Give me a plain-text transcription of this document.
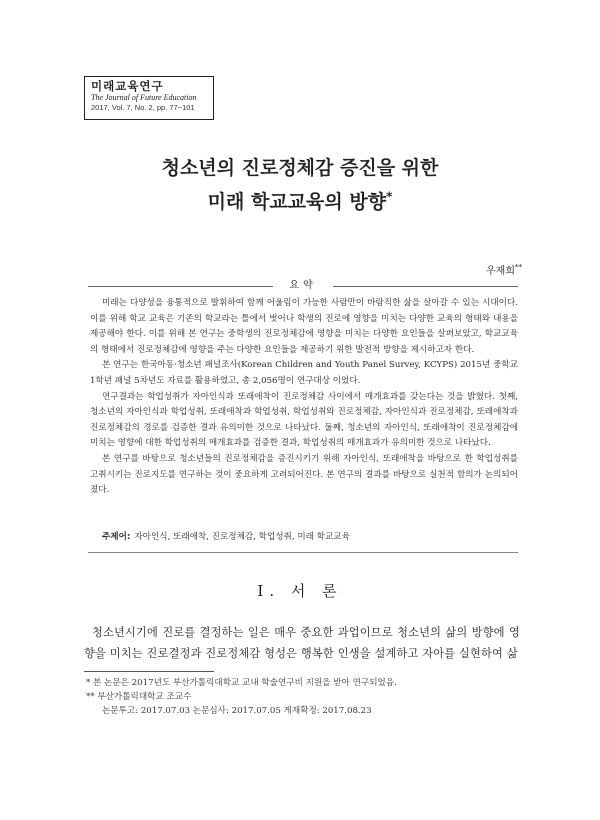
미래교육연구
The Journal of Future Education
2017, Vol. 7, No. 2, pp. 77~101
청소년의 진로정체감 증진을 위한
미래 학교교육의 방향*
우재희**
요약

미래는 다양성을 융통적으로 발휘하여 함께 어울림이 가능한 사람만이 바람직한 삶을 살아갈 수 있는 시대이다. 이를 위해 학교 교육은 기존의 학교라는 틀에서 벗어나 학생의 진로에 영향을 미치는 다양한 교육의 형태와 내용을 제공해야 한다. 이를 위해 본 연구는 중학생의 진로정체감에 영향을 미치는 다양한 요인들을 살펴보았고, 학교교육의 형태에서 진로정체감에 영향을 주는 다양한 요인들을 제공하기 위한 발전적 방향을 제시하고자 한다.

본 연구는 한국아동·청소년 패널조사(Korean Children and Youth Panel Survey, KCYPS) 2015년 중학교 1학년 패널 5차년도 자료를 활용하였고, 총 2,056명이 연구대상 이었다.

연구결과는 학업성취가 자아인식과 또래애착이 진로정체감 사이에서 매개효과를 갖는다는 것을 밝혔다. 첫째, 청소년의 자아인식과 학업성취, 또래애착과 학업성취, 학업성취와 진로정체감, 자아인식과 진로정체감, 또래애착과 진로정체감의 경로를 검증한 결과 유의미한 것으로 나타났다. 둘째, 청소년의 자아인식, 또래애착이 진로정체감에 미치는 영향에 대한 학업성취의 매개효과를 검증한 결과, 학업성취의 매개효과가 유의미한 것으로 나타났다.

본 연구를 바탕으로 청소년들의 진로정체감을 증진시키기 위해 자아인식, 또래애착을 바탕으로 한 학업성취를 고취시키는 진로지도를 연구하는 것이 중요하게 고려되어진다. 본 연구의 결과를 바탕으로 실천적 함의가 논의되어졌다.

주제어: 자아인식, 또래애착, 진로정체감, 학업성취, 미래 학교교육
Ⅰ. 서 론

청소년시기에 진로를 결정하는 일은 매우 중요한 과업이므로 청소년의 삶의 방향에 영향을 미치는 진로결정과 진로정체감 형성은 행복한 인생을 설계하고 자아를 실현하여 삶

* 본 논문은 2017년도 부산가톨릭대학교 교내 학술연구비 지원을 받아 연구되었음.
** 부산가톨릭대학교 조교수
논문투고: 2017.07.03 논문심사: 2017.07.05 게재확정: 2017.08.23
